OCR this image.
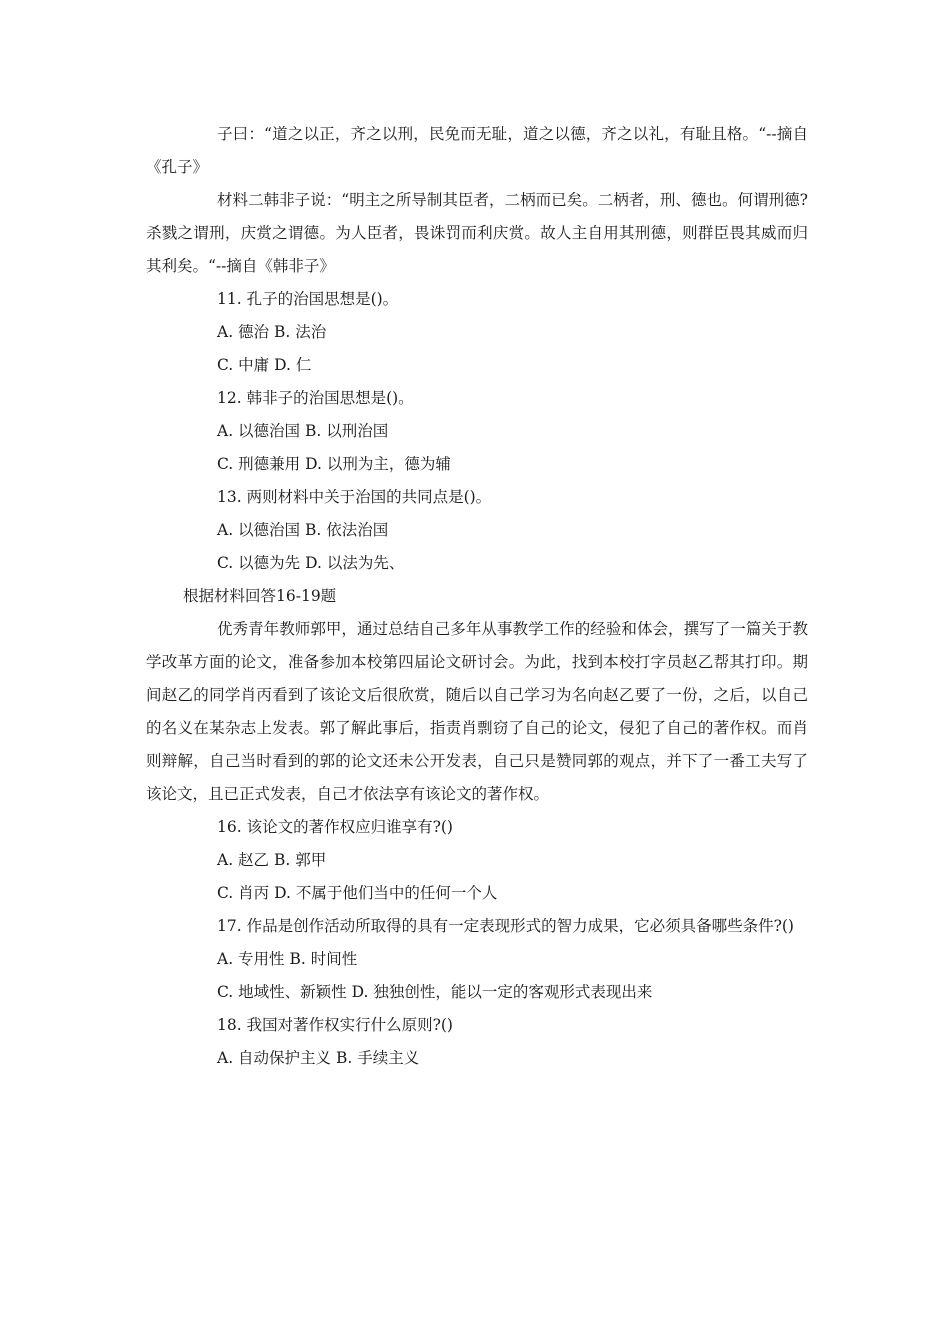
子曰：“道之以正，齐之以刑，民免而无耻，道之以德，齐之以礼，有耻且格。“--摘自《孔子》

材料二韩非子说：“明主之所导制其臣者，二柄而已矣。二柄者，刑、德也。何谓刑德?杀戮之谓刑，庆赏之谓德。为人臣者，畏诛罚而利庆赏。故人主自用其刑德，则群臣畏其威而归其利矣。“--摘自《韩非子》

11. 孔子的治国思想是()。

A. 德治 B. 法治

C. 中庸 D. 仁

12. 韩非子的治国思想是()。

A. 以德治国 B. 以刑治国

C. 刑德兼用 D. 以刑为主，德为辅

13. 两则材料中关于治国的共同点是()。

A. 以德治国 B. 依法治国

C. 以德为先 D. 以法为先、

根据材料回答16-19题

优秀青年教师郭甲，通过总结自己多年从事教学工作的经验和体会，撰写了一篇关于教学改革方面的论文，准备参加本校第四届论文研讨会。为此，找到本校打字员赵乙帮其打印。期间赵乙的同学肖丙看到了该论文后很欣赏，随后以自己学习为名向赵乙要了一份，之后，以自己的名义在某杂志上发表。郭了解此事后，指责肖剽窃了自己的论文，侵犯了自己的著作权。而肖则辩解，自己当时看到的郭的论文还未公开发表，自己只是赞同郭的观点，并下了一番工夫写了该论文，且已正式发表，自己才依法享有该论文的著作权。

16. 该论文的著作权应归谁享有?()

A. 赵乙 B. 郭甲

C. 肖丙 D. 不属于他们当中的任何一个人

17. 作品是创作活动所取得的具有一定表现形式的智力成果，它必须具备哪些条件?()

A. 专用性 B. 时间性

C. 地域性、新颖性 D. 独独创性，能以一定的客观形式表现出来

18. 我国对著作权实行什么原则?()

A. 自动保护主义 B. 手续主义
